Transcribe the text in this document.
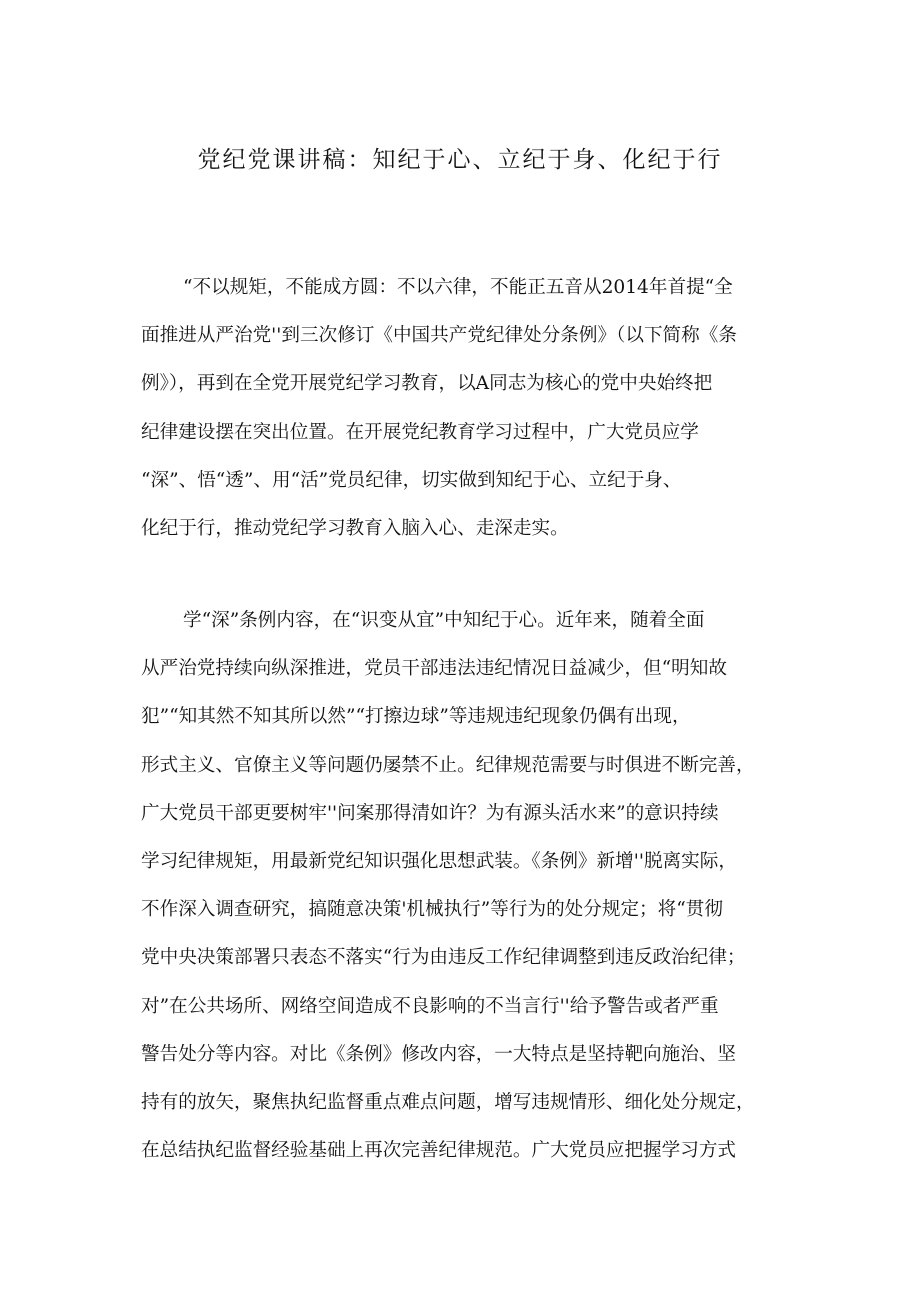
党纪党课讲稿：知纪于心、立纪于身、化纪于行
“不以规矩，不能成方圆：不以六律，不能正五音从2014年首提“全
面推进从严治党''到三次修订《中国共产党纪律处分条例》（以下简称《条
例》），再到在全党开展党纪学习教育，以A同志为核心的党中央始终把
纪律建设摆在突出位置。在开展党纪教育学习过程中，广大党员应学
“深”、悟“透”、用“活”党员纪律，切实做到知纪于心、立纪于身、
化纪于行，推动党纪学习教育入脑入心、走深走实。
学“深”条例内容，在“识变从宜”中知纪于心。近年来，随着全面
从严治党持续向纵深推进，党员干部违法违纪情况日益减少，但“明知故
犯”“知其然不知其所以然”“打擦边球”等违规违纪现象仍偶有出现，
形式主义、官僚主义等问题仍屡禁不止。纪律规范需要与时俱进不断完善，
广大党员干部更要树牢''问案那得清如许？为有源头活水来”的意识持续
学习纪律规矩，用最新党纪知识强化思想武装。《条例》新增''脱离实际，
不作深入调查研究，搞随意决策'机械执行”等行为的处分规定；将“贯彻
党中央决策部署只表态不落实“行为由违反工作纪律调整到违反政治纪律；
对”在公共场所、网络空间造成不良影响的不当言行''给予警告或者严重
警告处分等内容。对比《条例》修改内容，一大特点是坚持靶向施治、坚
持有的放矢，聚焦执纪监督重点难点问题，增写违规情形、细化处分规定，
在总结执纪监督经验基础上再次完善纪律规范。广大党员应把握学习方式
